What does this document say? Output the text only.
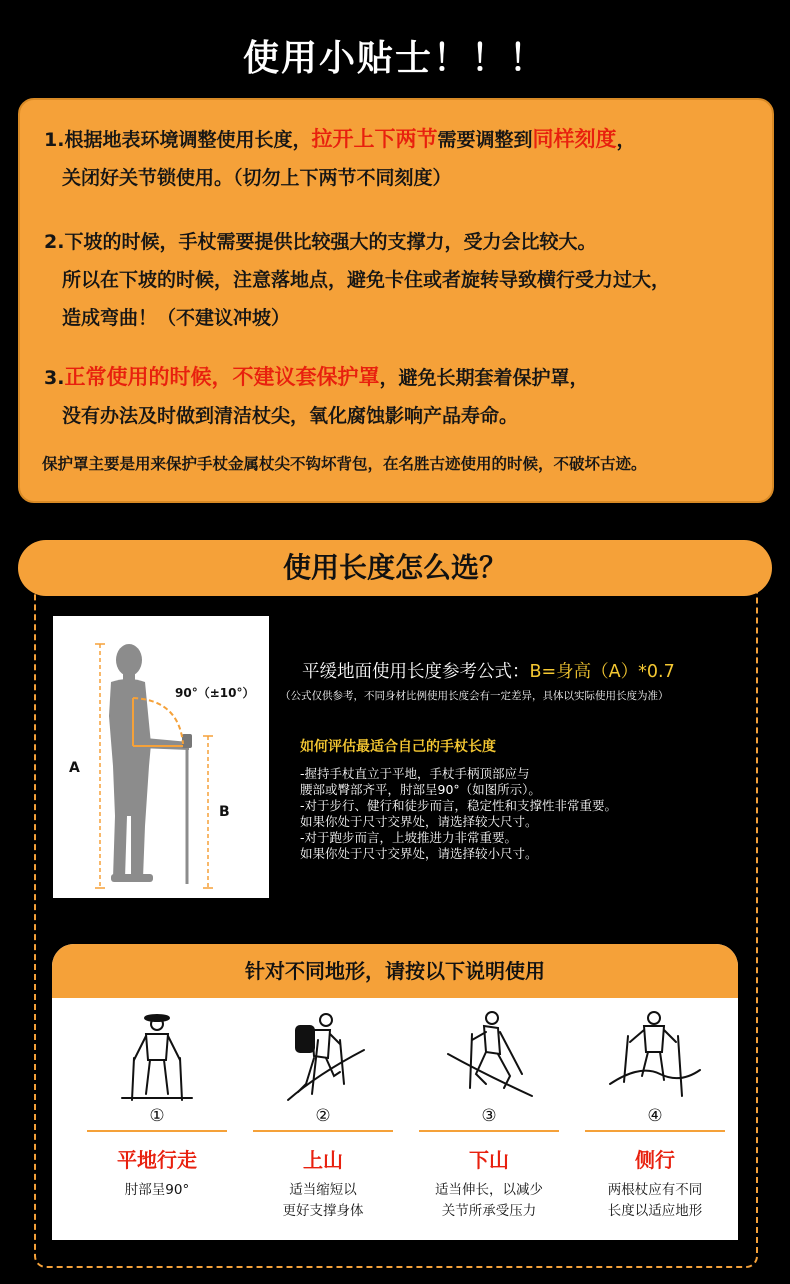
使用小贴士！！！
1.根据地表环境调整使用长度，拉开上下两节需要调整到同样刻度，
关闭好关节锁使用。（切勿上下两节不同刻度）
2.下坡的时候，手杖需要提供比较强大的支撑力，受力会比较大。
所以在下坡的时候，注意落地点，避免卡住或者旋转导致横行受力过大，
造成弯曲！（不建议冲坡）
3.正常使用的时候，不建议套保护罩，避免长期套着保护罩，
没有办法及时做到清洁杖尖，氧化腐蚀影响产品寿命。
保护罩主要是用来保护手杖金属杖尖不钩坏背包，在名胜古迹使用的时候，不破坏古迹。
使用长度怎么选？
90°（±10°）
A
B
平缓地面使用长度参考公式：B=身高（A）*0.7
（公式仅供参考，不同身材比例使用长度会有一定差异，具体以实际使用长度为准）
如何评估最适合自己的手杖长度
-握持手杖直立于平地，手杖手柄顶部应与
腰部或臀部齐平，肘部呈90°（如图所示）。
-对于步行、健行和徒步而言，稳定性和支撑性非常重要。
如果你处于尺寸交界处，请选择较大尺寸。
-对于跑步而言，上坡推进力非常重要。
如果你处于尺寸交界处，请选择较小尺寸。
针对不同地形，请按以下说明使用
①
平地行走
肘部呈90°

②
上山
适当缩短以
更好支撑身体
③
下山
适当伸长，以减少
关节所承受压力
④
侧行
两根杖应有不同
长度以适应地形
